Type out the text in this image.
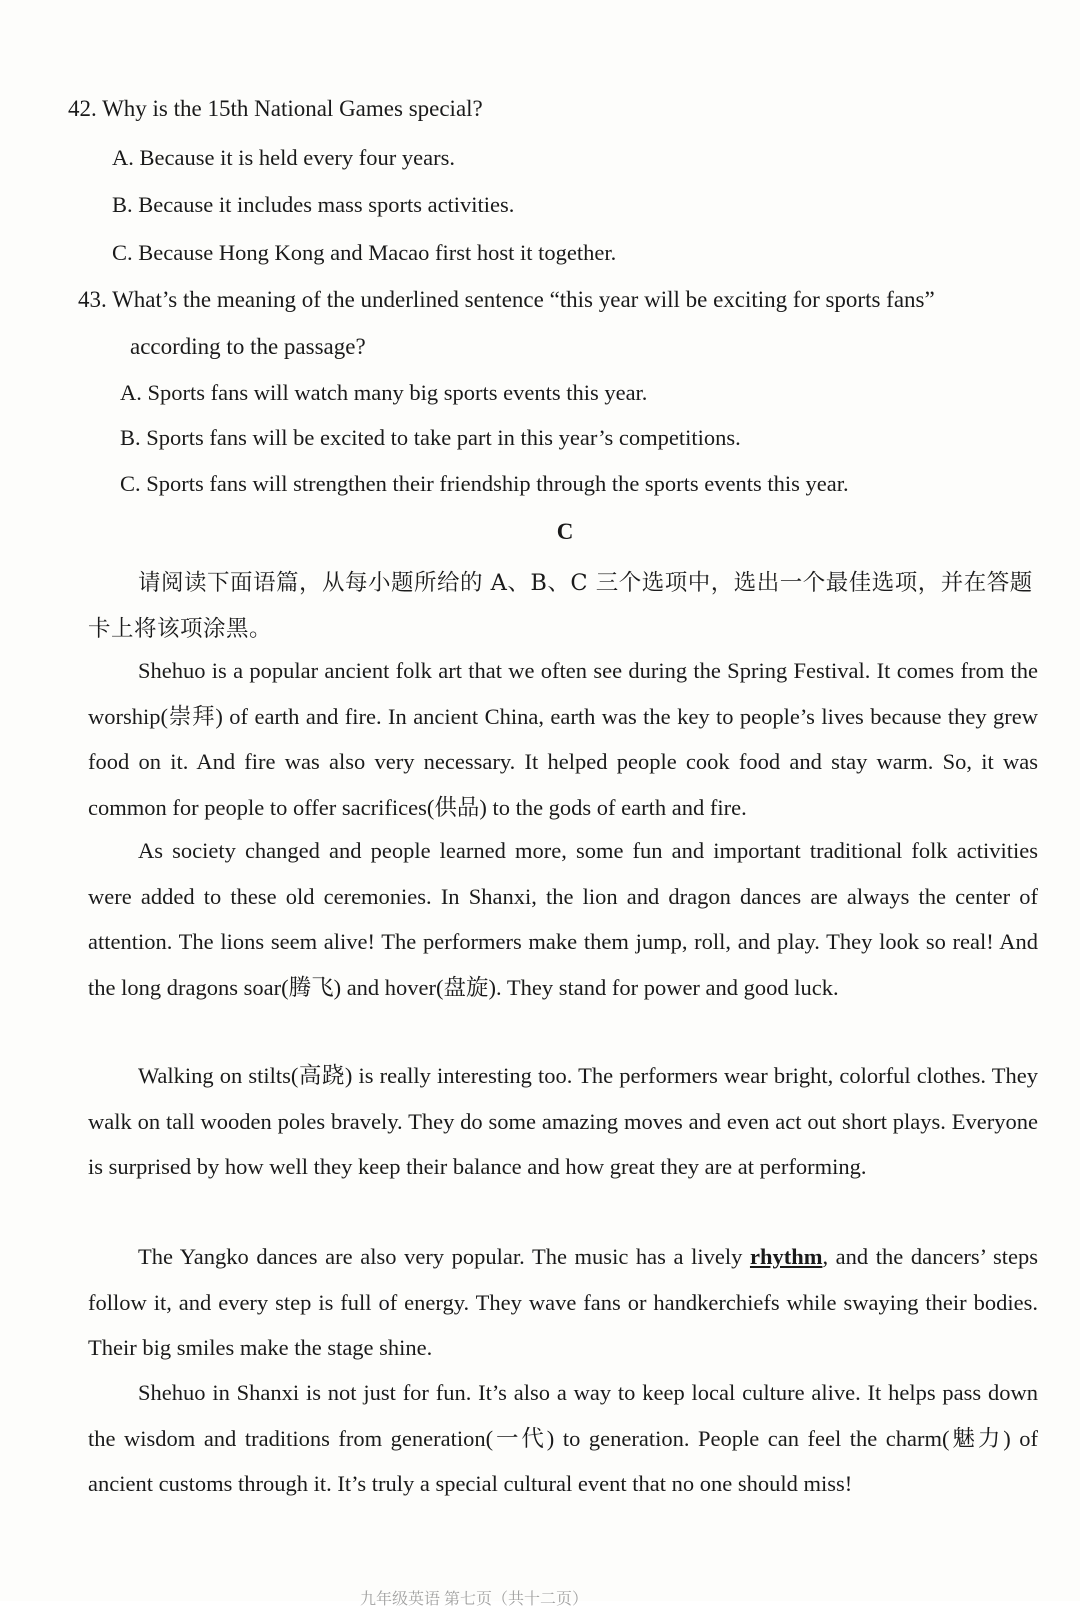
42. Why is the 15th National Games special?
A. Because it is held every four years.
B. Because it includes mass sports activities.
C. Because Hong Kong and Macao first host it together.
43. What’s the meaning of the underlined sentence “this year will be exciting for sports fans”
according to the passage?
A. Sports fans will watch many big sports events this year.
B. Sports fans will be excited to take part in this year’s competitions.
C. Sports fans will strengthen their friendship through the sports events this year.
C
请阅读下面语篇，从每小题所给的 A、B、C 三个选项中，选出一个最佳选项，并在答题卡上将该项涂黑。
Shehuo is a popular ancient folk art that we often see during the Spring Festival. It comes from the worship(崇拜) of earth and fire. In ancient China, earth was the key to people’s lives because they grew food on it. And fire was also very necessary. It helped people cook food and stay warm. So, it was common for people to offer sacrifices(供品) to the gods of earth and fire.
As society changed and people learned more, some fun and important traditional folk activities were added to these old ceremonies. In Shanxi, the lion and dragon dances are always the center of attention. The lions seem alive! The performers make them jump, roll, and play. They look so real! And the long dragons soar(腾飞) and hover(盘旋). They stand for power and good luck.
Walking on stilts(高跷) is really interesting too. The performers wear bright, colorful clothes. They walk on tall wooden poles bravely. They do some amazing moves and even act out short plays. Everyone is surprised by how well they keep their balance and how great they are at performing.
The Yangko dances are also very popular. The music has a lively rhythm, and the dancers’ steps follow it, and every step is full of energy. They wave fans or handkerchiefs while swaying their bodies. Their big smiles make the stage shine.
Shehuo in Shanxi is not just for fun. It’s also a way to keep local culture alive. It helps pass down the wisdom and traditions from generation(一代) to generation. People can feel the charm(魅力) of ancient customs through it. It’s truly a special cultural event that no one should miss!
九年级英语 第七页（共十二页）
